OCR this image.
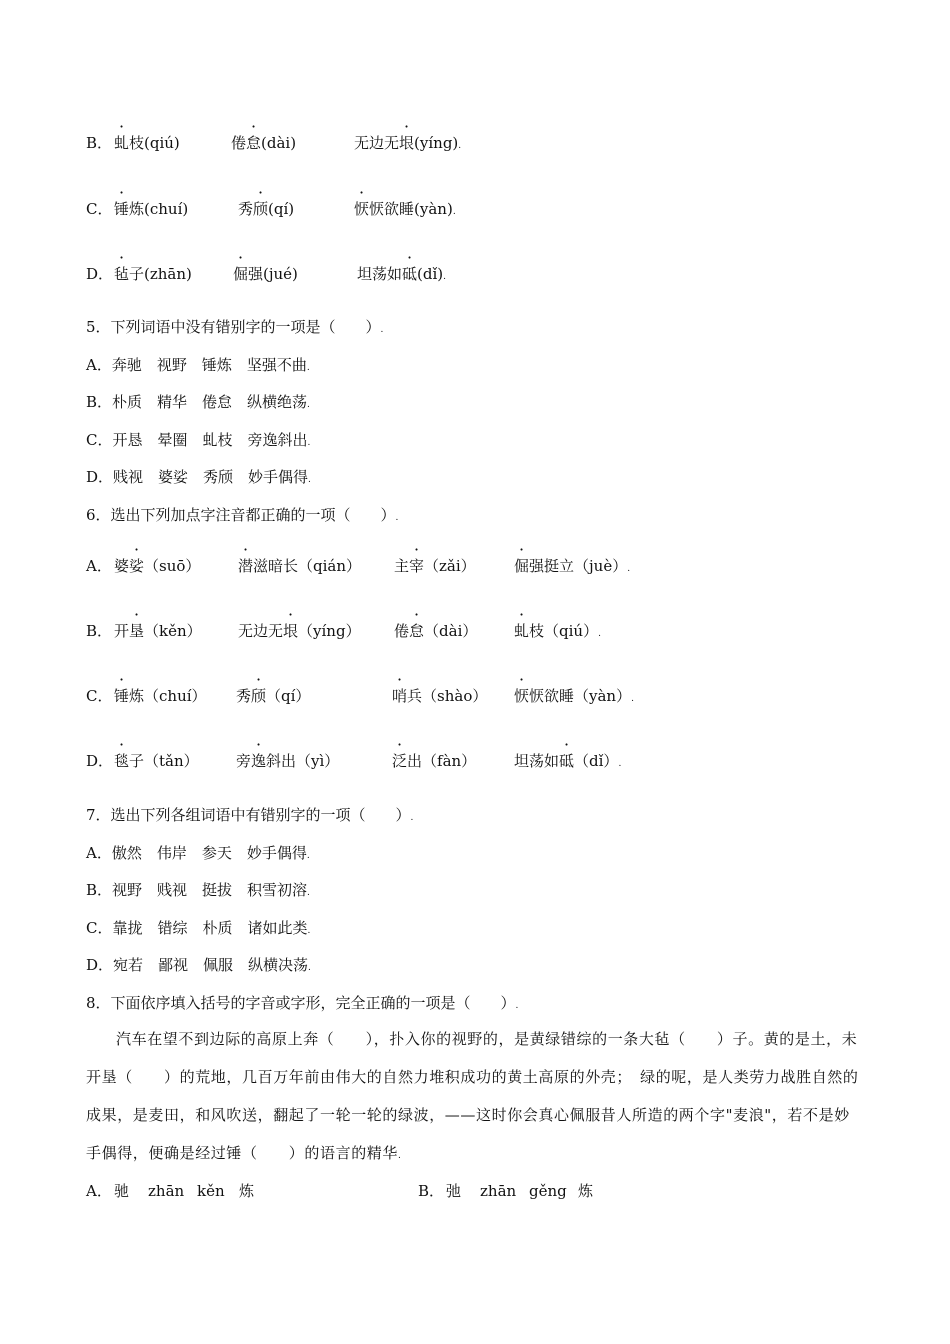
B． 虬枝(qiú)	倦怠(dài)	无边无垠(yíng).
C． 锤炼(chuí)	秀颀(qí)	恹恹欲睡(yàn).
D． 毡子(zhān)	倔强(jué)	坦荡如砥(dǐ).
5．下列词语中没有错别字的一项是（　　）.
A．奔驰　视野　锤炼　坚强不曲.
B．朴质　精华　倦怠　纵横绝荡.
C．开恳　晕圈　虬枝　旁逸斜出.
D．贱视　婆娑　秀颀　妙手偶得.
6．选出下列加点字注音都正确的一项（　　）.
A． 婆娑（suō）	潜滋暗长（qián） 主宰（zǎi）	倔强挺立（juè）.
B． 开垦（kěn） 无边无垠（yíng） 倦怠（dài） 虬枝（qiú）.
C． 锤炼（chuí） 秀颀（qí）	哨兵（shào） 恹恹欲睡（yàn）.
D． 毯子（tǎn） 旁逸斜出（yì）	泛出（fàn）	坦荡如砥（dǐ）.
7．选出下列各组词语中有错别字的一项（　　）.
A．傲然　伟岸　参天　妙手偶得.
B．视野　贱视　挺拔　积雪初溶.
C．靠拢　错综　朴质　诸如此类.
D．宛若　鄙视　佩服　纵横决荡.
8．下面依序填入括号的字音或字形，完全正确的一项是（　　）.
汽车在望不到边际的高原上奔（　　），扑入你的视野的，是黄绿错综的一条大毡（　　）子。黄的是土，未开垦（　　）的荒地，几百万年前由伟大的自然力堆积成功的黄土高原的外壳；　绿的呢，是人类劳力战胜自然的成果，是麦田，和风吹送，翻起了一轮一轮的绿波，——这时你会真心佩服昔人所造的两个字"麦浪"，若不是妙手偶得，便确是经过锤（　　）的语言的精华.
A． 驰 zhān kěn 炼	B． 弛 zhān gěng 炼
